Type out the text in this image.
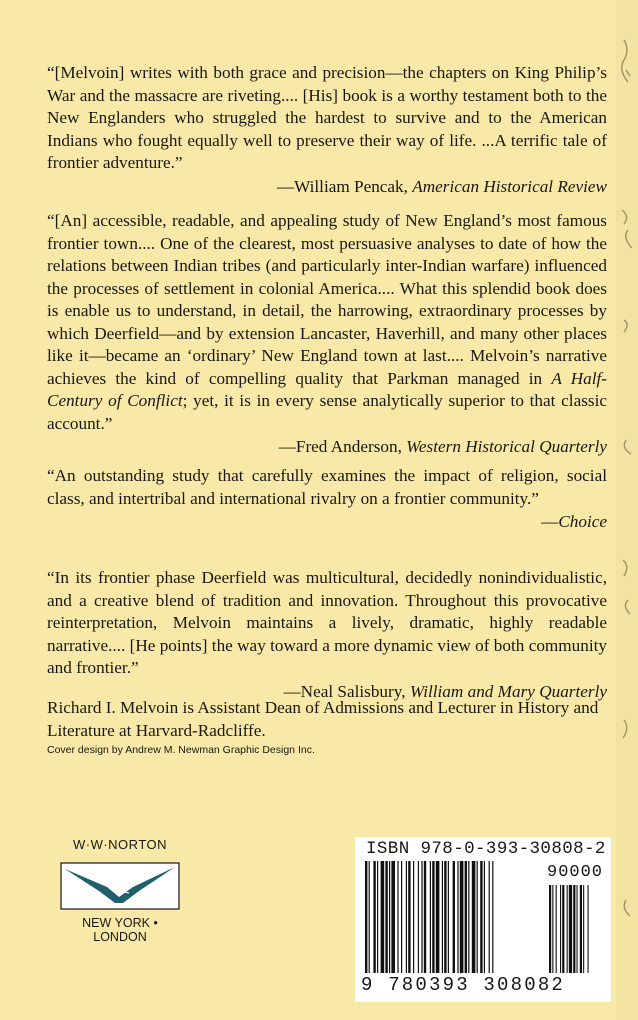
“[Melvoin] writes with both grace and precision—the chapters on King Philip’s War and the massacre are riveting.... [His] book is a worthy testament both to the New Englanders who struggled the hardest to survive and to the American Indians who fought equally well to preserve their way of life. ...A terrific tale of frontier adventure.”

—William Pencak, American Historical Review

“[An] accessible, readable, and appealing study of New England’s most famous frontier town.... One of the clearest, most persuasive analyses to date of how the relations between Indian tribes (and particularly inter-Indian warfare) influenced the processes of settlement in colonial America.... What this splendid book does is enable us to understand, in detail, the harrowing, extraordinary processes by which Deerfield—and by extension Lancaster, Haverhill, and many other places like it—became an ‘ordinary’ New England town at last.... Melvoin’s narrative achieves the kind of compelling quality that Parkman managed in A Half-Century of Conflict; yet, it is in every sense analytically superior to that classic account.”

—Fred Anderson, Western Historical Quarterly

“An outstanding study that carefully examines the impact of religion, social class, and intertribal and international rivalry on a frontier community.”

—Choice

“In its frontier phase Deerfield was multicultural, decidedly nonindividualistic, and a creative blend of tradition and innovation. Throughout this provocative reinterpretation, Melvoin maintains a lively, dramatic, highly readable narrative.... [He points] the way toward a more dynamic view of both community and frontier.”

—Neal Salisbury, William and Mary Quarterly
Richard I. Melvoin is Assistant Dean of Admissions and Lecturer in History and Literature at Harvard-Radcliffe.
Cover design by Andrew M. Newman Graphic Design Inc.
W·W·NORTON
NEW YORK • LONDON
ISBN 978-0-393-30808-2
90000
9 780393 308082
